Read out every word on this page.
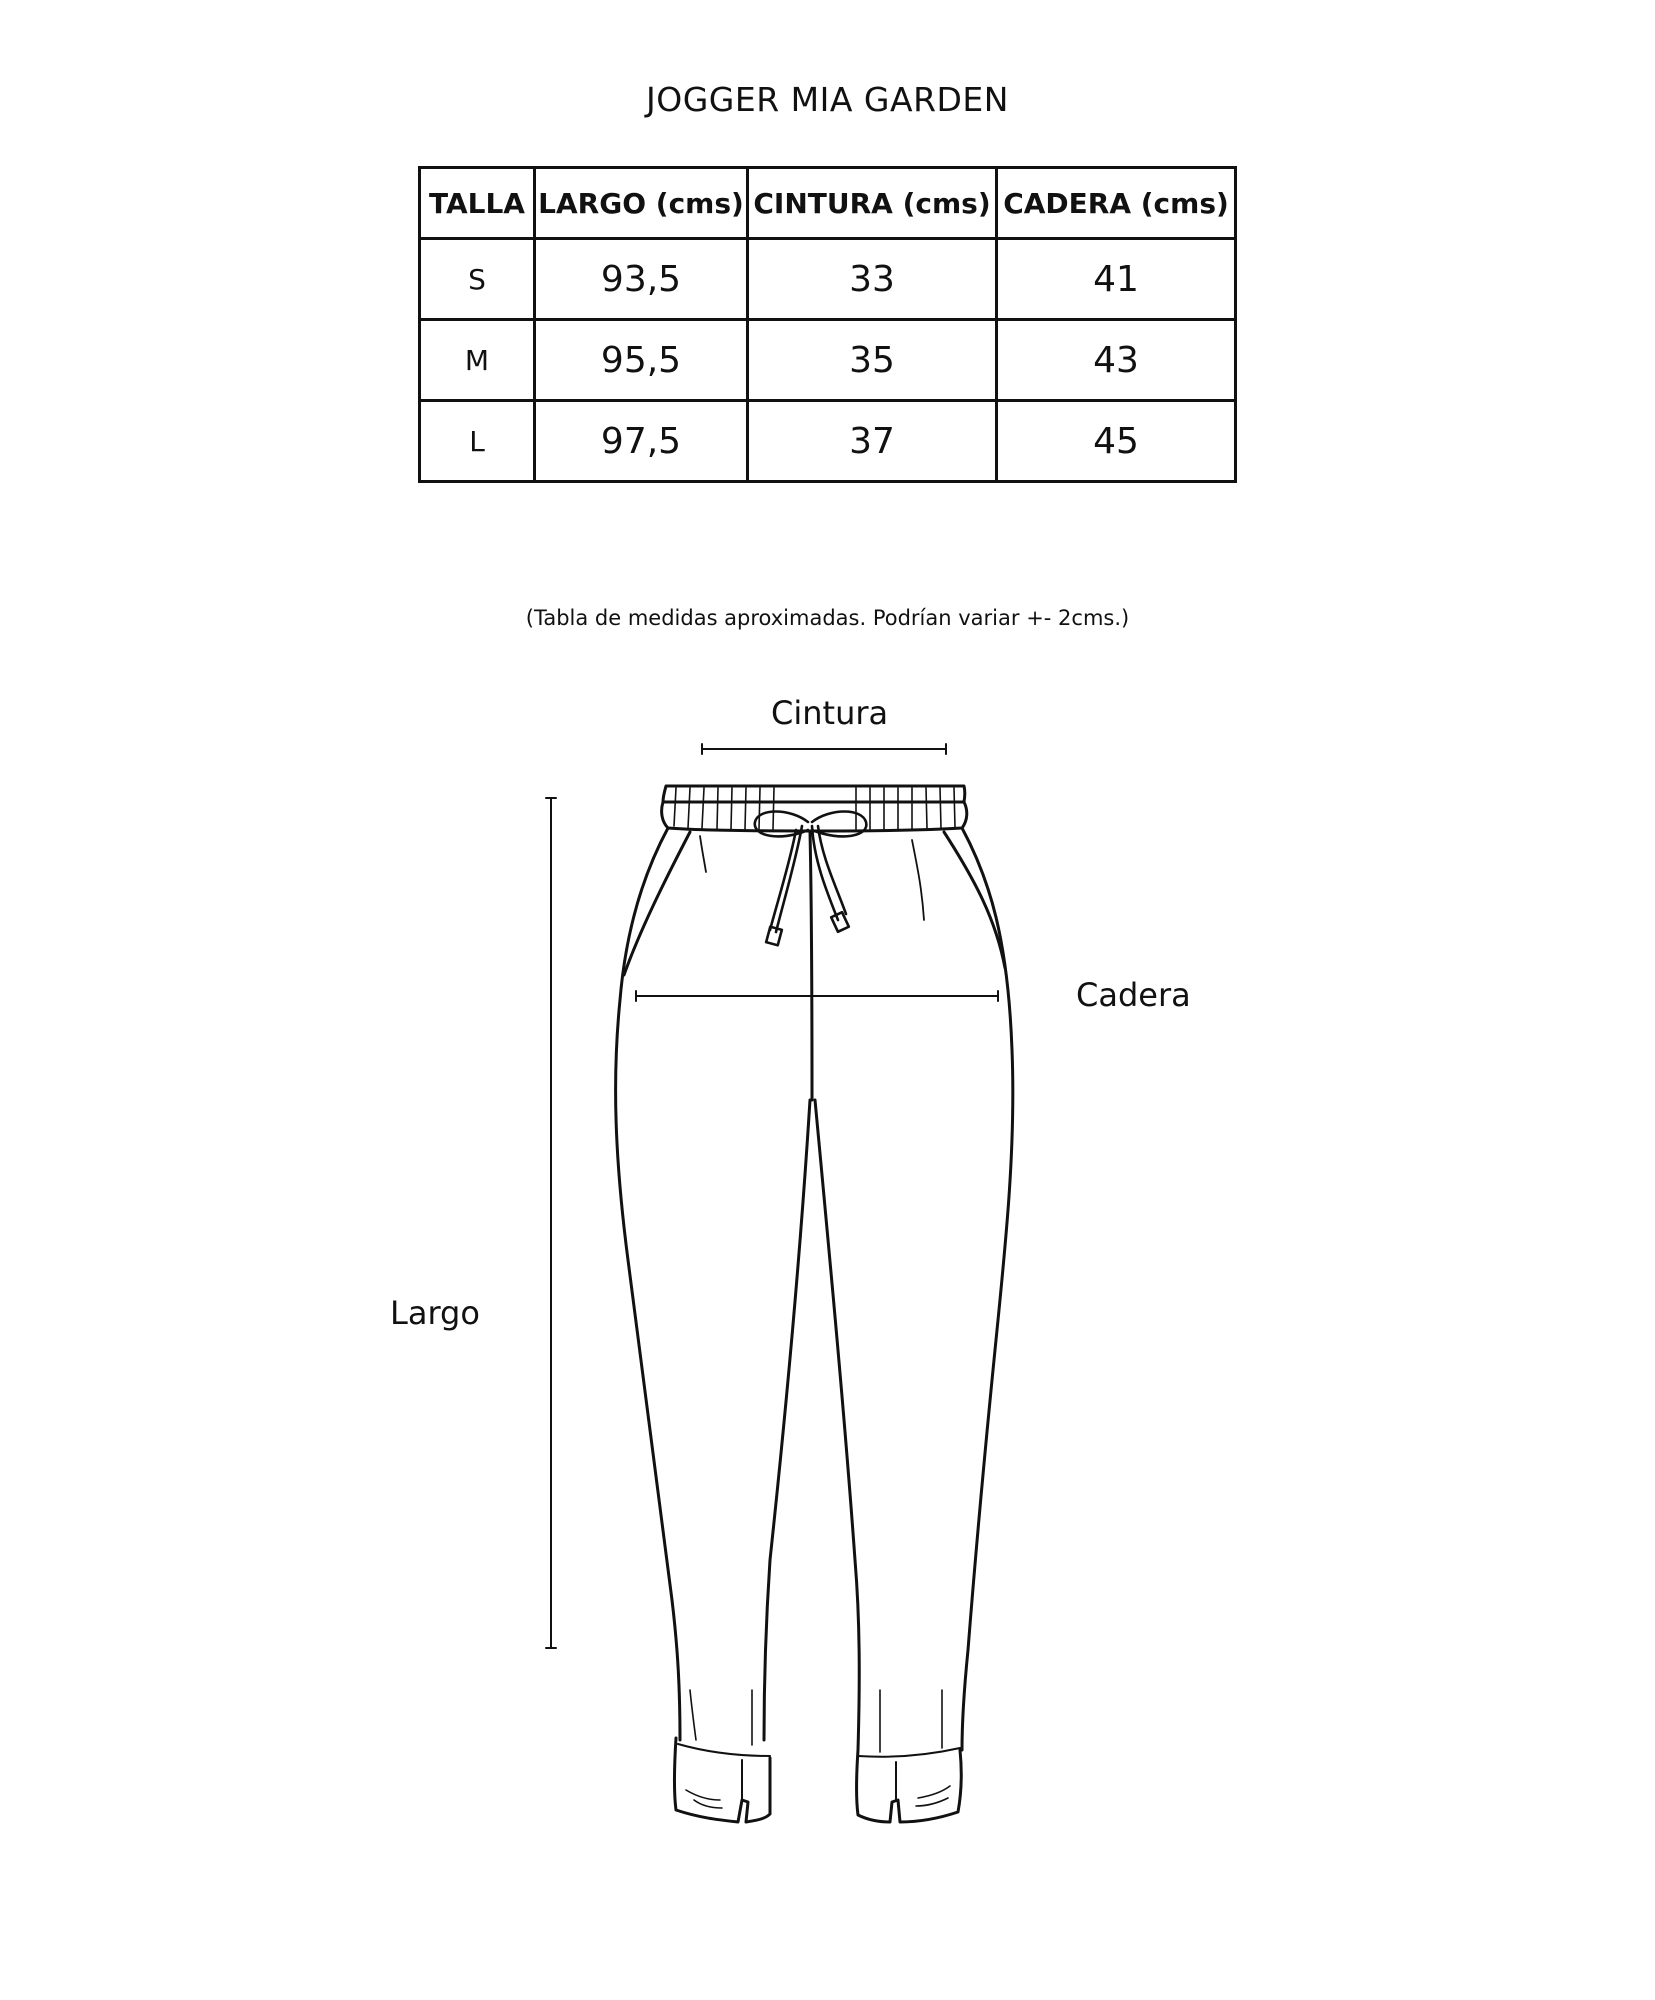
JOGGER MIA GARDEN
TALLA	LARGO (cms)	CINTURA (cms)	CADERA (cms)
S	93,5	33	41
M	95,5	35	43
L	97,5	37	45
(Tabla de medidas aproximadas. Podrían variar +- 2cms.)
Cintura
Cadera
Largo
